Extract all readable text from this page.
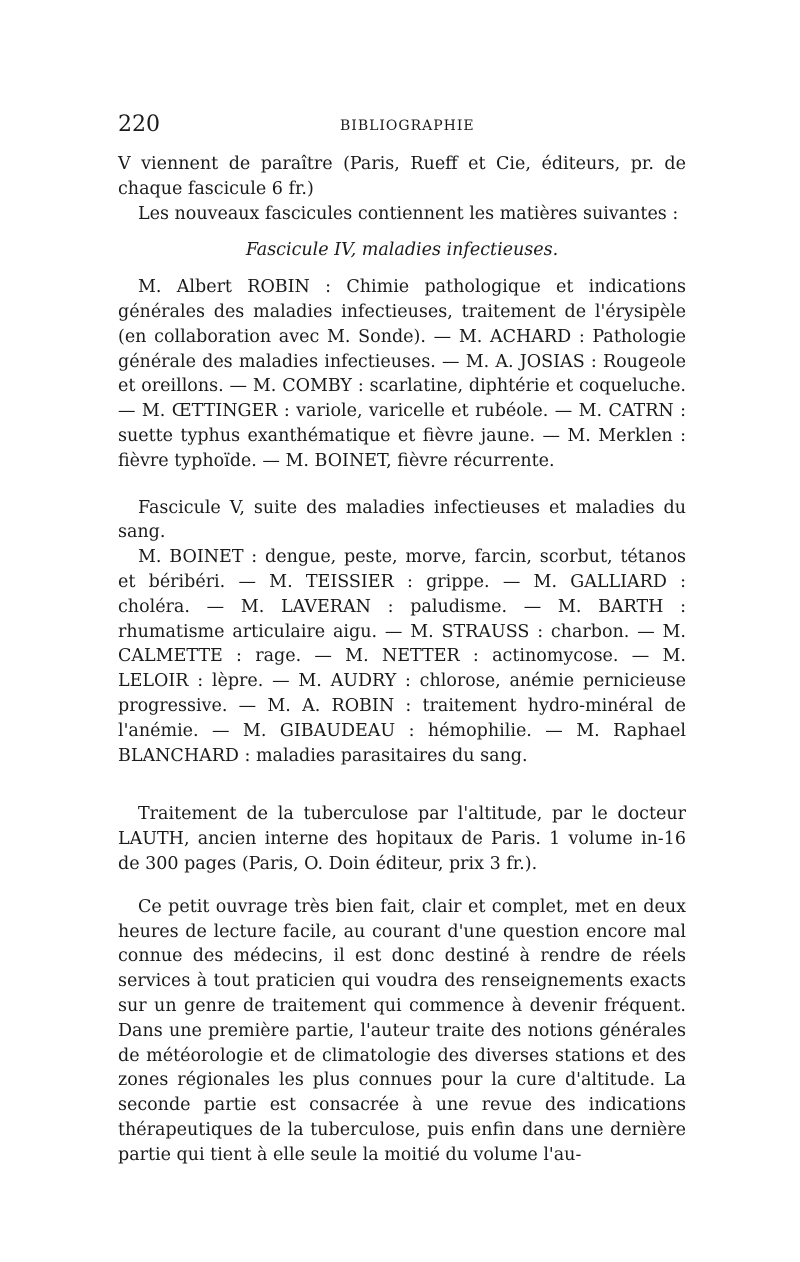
220	BIBLIOGRAPHIE

V viennent de paraître (Paris, Rueff et Cie, éditeurs, pr. de chaque fascicule 6 fr.)

Les nouveaux fascicules contiennent les matières suivantes :

Fascicule IV, maladies infectieuses.

M. Albert ROBIN : Chimie pathologique et indications générales des maladies infectieuses, traitement de l'érysipèle (en collaboration avec M. Sonde). — M. ACHARD : Pathologie générale des maladies infectieuses. — M. A. JOSIAS : Rougeole et oreillons. — M. COMBY : scarlatine, diphtérie et coqueluche. — M. ŒTTINGER : variole, varicelle et rubéole. — M. CATRN : suette typhus exanthématique et fièvre jaune. — M. Merklen : fièvre typhoïde. — M. BOINET, fièvre récurrente.

Fascicule V, suite des maladies infectieuses et maladies du sang.

M. BOINET : dengue, peste, morve, farcin, scorbut, tétanos et béribéri. — M. TEISSIER : grippe. — M. GALLIARD : choléra. — M. LAVERAN : paludisme. — M. BARTH : rhumatisme articulaire aigu. — M. STRAUSS : charbon. — M. CALMETTE : rage. — M. NETTER : actinomycose. — M. LELOIR : lèpre. — M. AUDRY : chlorose, anémie pernicieuse progressive. — M. A. ROBIN : traitement hydro-minéral de l'anémie. — M. GIBAUDEAU : hémophilie. — M. Raphael BLANCHARD : maladies parasitaires du sang.

Traitement de la tuberculose par l'altitude, par le docteur LAUTH, ancien interne des hopitaux de Paris. 1 volume in-16 de 300 pages (Paris, O. Doin éditeur, prix 3 fr.).

Ce petit ouvrage très bien fait, clair et complet, met en deux heures de lecture facile, au courant d'une question encore mal connue des médecins, il est donc destiné à rendre de réels services à tout praticien qui voudra des renseignements exacts sur un genre de traitement qui commence à devenir fréquent. Dans une première partie, l'auteur traite des notions générales de météorologie et de climatologie des diverses stations et des zones régionales les plus connues pour la cure d'altitude. La seconde partie est consacrée à une revue des indications thérapeutiques de la tuberculose, puis enfin dans une dernière partie qui tient à elle seule la moitié du volume l'au-
